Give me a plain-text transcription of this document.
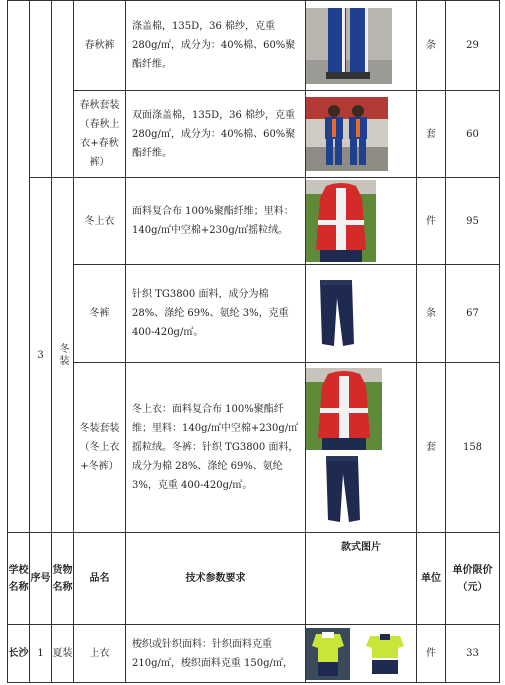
			春秋裤	涤盖棉，135D，36 棉纱，克重 280g/㎡，成分为：40%棉、60%聚酯纤维。		条	29
			春秋套装（春秋上衣+春秋裤）	双面涤盖棉，135D，36 棉纱，克重 280g/㎡，成分为：40%棉、60%聚酯纤维。		套	60
	3	冬装	冬上衣	面料复合布 100%聚酯纤维；里料：140g/㎡中空棉+230g/㎡摇粒绒。		件	95
			冬裤	针织 TG3800 面料，成分为棉 28%、涤纶 69%、氨纶 3%，克重 400-420g/㎡。		条	67
			冬装套装（冬上衣+冬裤）	冬上衣：面料复合布 100%聚酯纤维；里料：140g/㎡中空棉+230g/㎡摇粒绒。冬裤：针织 TG3800 面料，成分为棉 28%、涤纶 69%、氨纶 3%，克重 400-420g/㎡。		套	158
学校名称	序号	货物名称	品名	技术参数要求	款式图片	单位	单价限价（元）
长沙	1	夏装	上衣	梭织或针织面料：针织面料克重 210g/㎡，梭织面料克重 150g/㎡，		件	33
